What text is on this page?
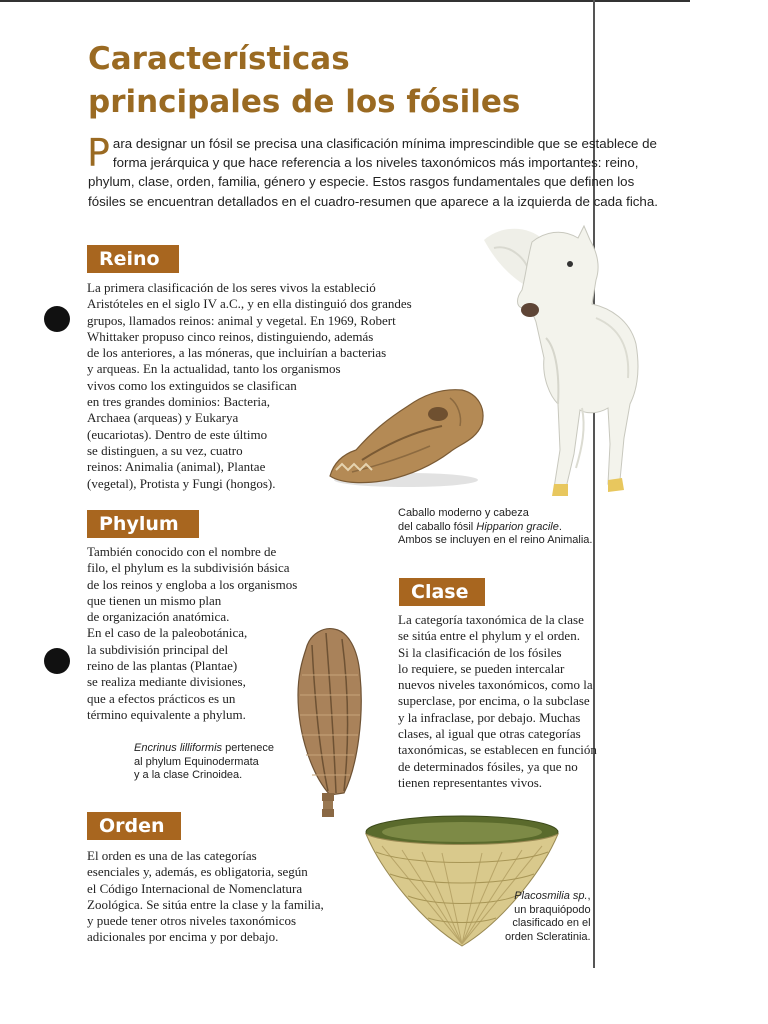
Características
principales de los fósiles
Para designar un fósil se precisa una clasificación mínima imprescindible que se establece de forma jerárquica y que hace referencia a los niveles taxonómicos más importantes: reino, phylum, clase, orden, familia, género y especie. Estos rasgos fundamentales que definen los fósiles se encuentran detallados en el cuadro-resumen que aparece a la izquierda de cada ficha.
Reino
La primera clasificación de los seres vivos la estableció
Aristóteles en el siglo IV a.C., y en ella distinguió dos grandes
grupos, llamados reinos: animal y vegetal. En 1969, Robert
Whittaker propuso cinco reinos, distinguiendo, además
de los anteriores, a las móneras, que incluirían a bacterias
y arqueas. En la actualidad, tanto los organismos
vivos como los extinguidos se clasifican
en tres grandes dominios: Bacteria,
Archaea (arqueas) y Eukarya
(eucariotas). Dentro de este último
se distinguen, a su vez, cuatro
reinos: Animalia (animal), Plantae
(vegetal), Protista y Fungi (hongos).
Caballo moderno y cabeza
del caballo fósil Hipparion gracile.
Ambos se incluyen en el reino Animalia.
Phylum
También conocido con el nombre de
filo, el phylum es la subdivisión básica
de los reinos y engloba a los organismos
que tienen un mismo plan
de organización anatómica.
En el caso de la paleobotánica,
la subdivisión principal del
reino de las plantas (Plantae)
se realiza mediante divisiones,
que a efectos prácticos es un
término equivalente a phylum.
Encrinus lilliformis pertenece
al phylum Equinodermata
y a la clase Crinoidea.
Clase
La categoría taxonómica de la clase
se sitúa entre el phylum y el orden.
Si la clasificación de los fósiles
lo requiere, se pueden intercalar
nuevos niveles taxonómicos, como la
superclase, por encima, o la subclase
y la infraclase, por debajo. Muchas
clases, al igual que otras categorías
taxonómicas, se establecen en función
de determinados fósiles, ya que no
tienen representantes vivos.
Orden
El orden es una de las categorías
esenciales y, además, es obligatoria, según
el Código Internacional de Nomenclatura
Zoológica. Se sitúa entre la clase y la familia,
y puede tener otros niveles taxonómicos
adicionales por encima y por debajo.
Placosmilia sp.,
un braquiópodo
clasificado en el
orden Scleratinia.
